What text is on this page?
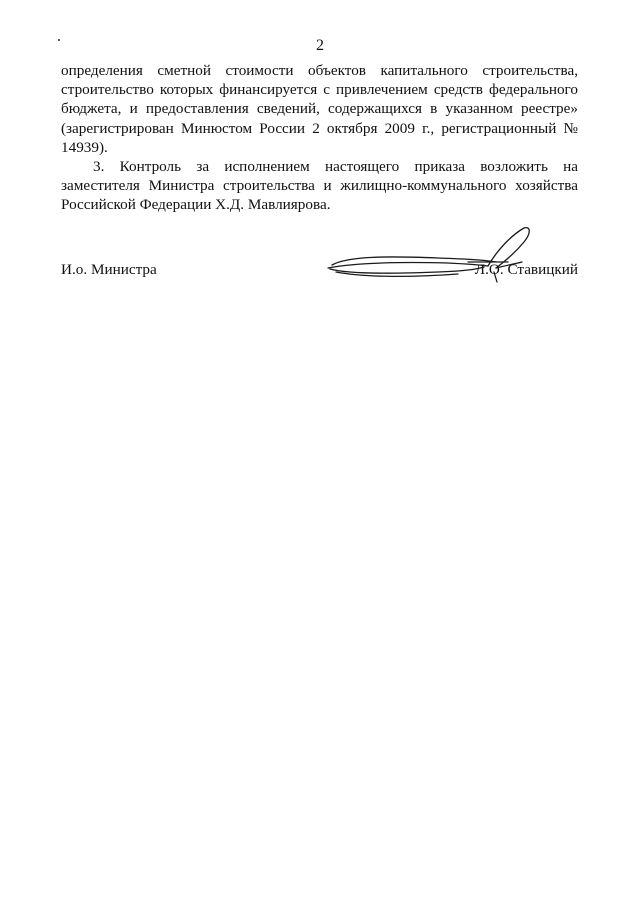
2

определения сметной стоимости объектов капитального строительства, строительство которых финансируется с привлечением средств федерального бюджета, и предоставления сведений, содержащихся в указанном реестре» (зарегистрирован Минюстом России 2 октября 2009 г., регистрационный № 14939).

3. Контроль за исполнением настоящего приказа возложить на заместителя Министра строительства и жилищно-коммунального хозяйства Российской Федерации Х.Д. Мавлиярова.

И.о. Министра	Л.О. Ставицкий
